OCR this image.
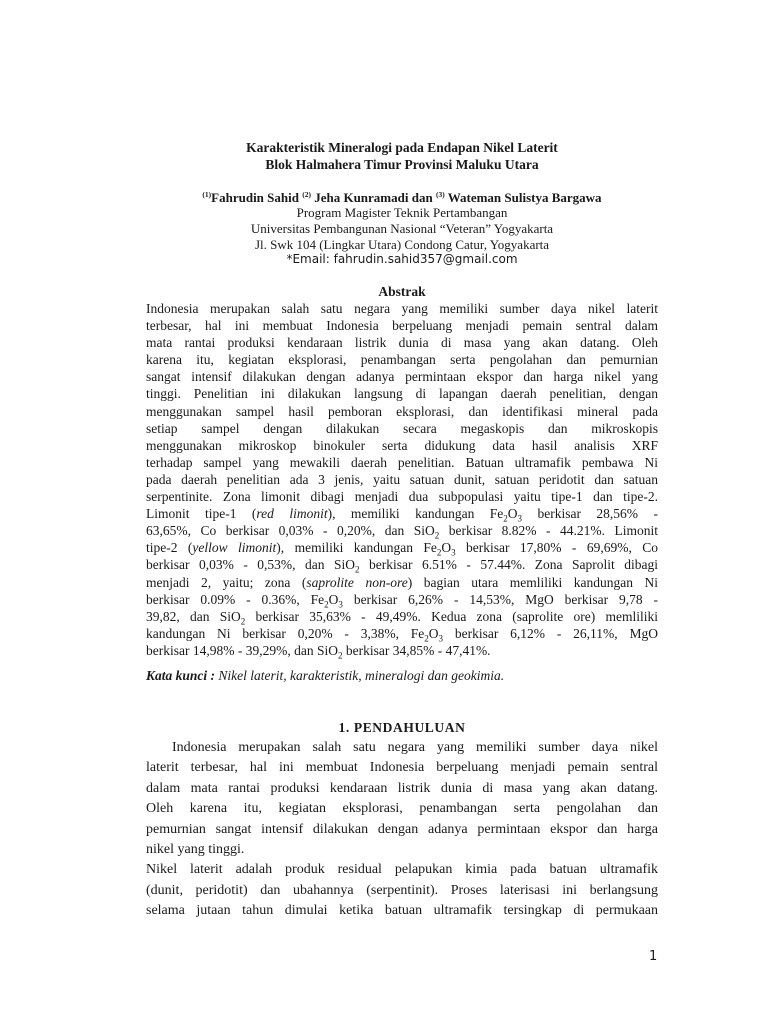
Karakteristik Mineralogi pada Endapan Nikel Laterit
Blok Halmahera Timur Provinsi Maluku Utara
$^{(1)}$Fahrudin Sahid $^{(2)}$ Jeha Kunramadi dan $^{(3)}$ Wateman Sulistya Bargawa
Program Magister Teknik Pertambangan
Universitas Pembangunan Nasional “Veteran” Yogyakarta
Jl. Swk 104 (Lingkar Utara) Condong Catur, Yogyakarta
*Email: fahrudin.sahid357@gmail.com
Abstrak
Indonesia merupakan salah satu negara yang memiliki sumber daya nikel laterit
terbesar, hal ini membuat Indonesia berpeluang menjadi pemain sentral dalam
mata rantai produksi kendaraan listrik dunia di masa yang akan datang. Oleh
karena itu, kegiatan eksplorasi, penambangan serta pengolahan dan pemurnian
sangat intensif dilakukan dengan adanya permintaan ekspor dan harga nikel yang
tinggi. Penelitian ini dilakukan langsung di lapangan daerah penelitian, dengan
menggunakan sampel hasil pemboran eksplorasi, dan identifikasi mineral pada
setiap sampel dengan dilakukan secara megaskopis dan mikroskopis
menggunakan mikroskop binokuler serta didukung data hasil analisis XRF
terhadap sampel yang mewakili daerah penelitian. Batuan ultramafik pembawa Ni
pada daerah penelitian ada 3 jenis, yaitu satuan dunit, satuan peridotit dan satuan
serpentinite. Zona limonit dibagi menjadi dua subpopulasi yaitu tipe-1 dan tipe-2.
Limonit tipe-1 (red limonit), memiliki kandungan $Fe_2O_3$ berkisar 28,56% -
63,65%, Co berkisar 0,03% - 0,20%, dan SiO$_2$ berkisar 8.82% - 44.21%. Limonit
tipe-2 (yellow limonit), memiliki kandungan $Fe_2O_3$ berkisar 17,80% - 69,69%, Co
berkisar 0,03% - 0,53%, dan SiO$_2$ berkisar 6.51% - 57.44%. Zona Saprolit dibagi
menjadi 2, yaitu; zona (saprolite non-ore) bagian utara memliliki kandungan Ni
berkisar 0.09% - 0.36%, $Fe_2O_3$ berkisar 6,26% - 14,53%, MgO berkisar 9,78 -
39,82, dan SiO$_2$ berkisar 35,63% - 49,49%. Kedua zona (saprolite ore) memliliki
kandungan Ni berkisar 0,20% - 3,38%, $Fe_2O_3$ berkisar 6,12% - 26,11%, MgO
berkisar 14,98% - 39,29%, dan SiO$_2$ berkisar 34,85% - 47,41%.
Kata kunci : Nikel laterit, karakteristik, mineralogi dan geokimia.
1. PENDAHULUAN
Indonesia merupakan salah satu negara yang memiliki sumber daya nikel
laterit terbesar, hal ini membuat Indonesia berpeluang menjadi pemain sentral
dalam mata rantai produksi kendaraan listrik dunia di masa yang akan datang.
Oleh karena itu, kegiatan eksplorasi, penambangan serta pengolahan dan
pemurnian sangat intensif dilakukan dengan adanya permintaan ekspor dan harga
nikel yang tinggi.
Nikel laterit adalah produk residual pelapukan kimia pada batuan ultramafik
(dunit, peridotit) dan ubahannya (serpentinit). Proses laterisasi ini berlangsung
selama jutaan tahun dimulai ketika batuan ultramafik tersingkap di permukaan
1
